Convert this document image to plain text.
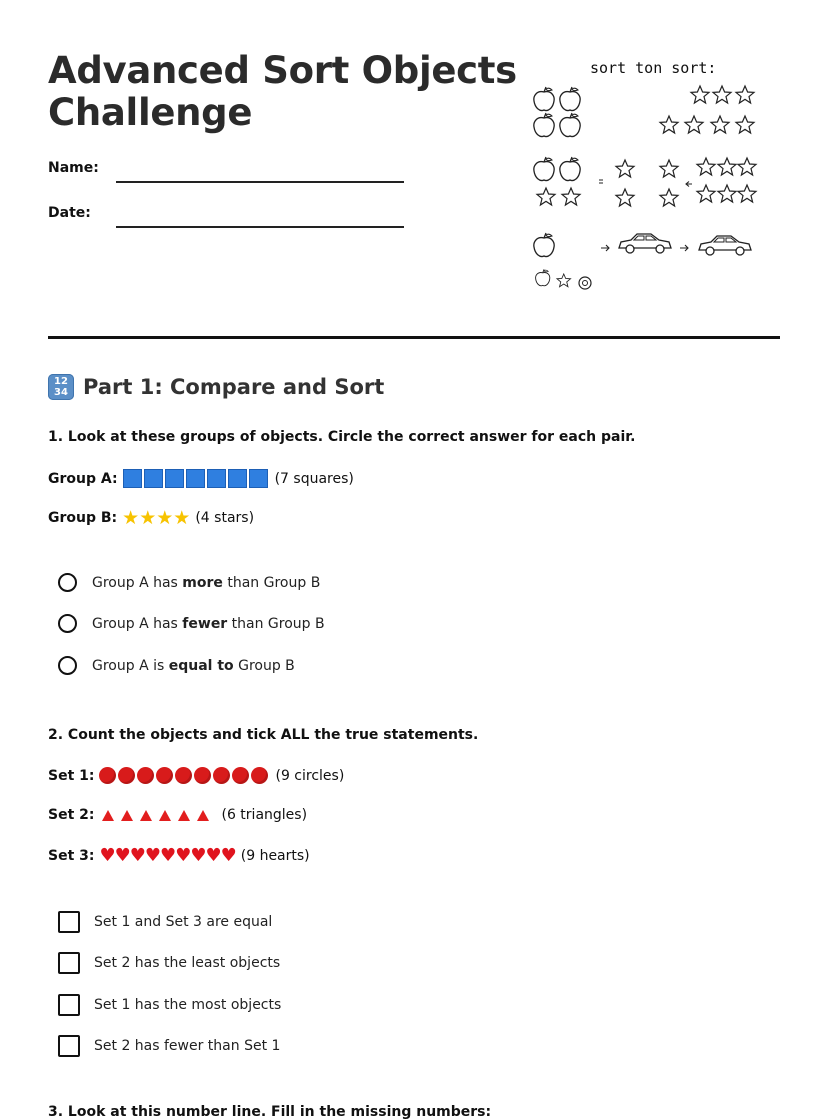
Advanced Sort Objects Challenge
Name:
Date:
sort ton sort:
12
34 Part 1: Compare and Sort
1. Look at these groups of objects. Circle the correct answer for each pair.
Group A:	(7 squares)
Group B: ★ ★ ★ ★ (4 stars)
Group A has more than Group B
Group A has fewer than Group B
Group A is equal to Group B
2. Count the objects and tick ALL the true statements.
Set 1:	(9 circles)
Set 2:	(6 triangles)
Set 3: ♥ ♥ ♥ ♥ ♥ ♥ ♥ ♥ ♥ (9 hearts)
Set 1 and Set 3 are equal
Set 2 has the least objects
Set 1 has the most objects
Set 2 has fewer than Set 1
3. Look at this number line. Fill in the missing numbers:
